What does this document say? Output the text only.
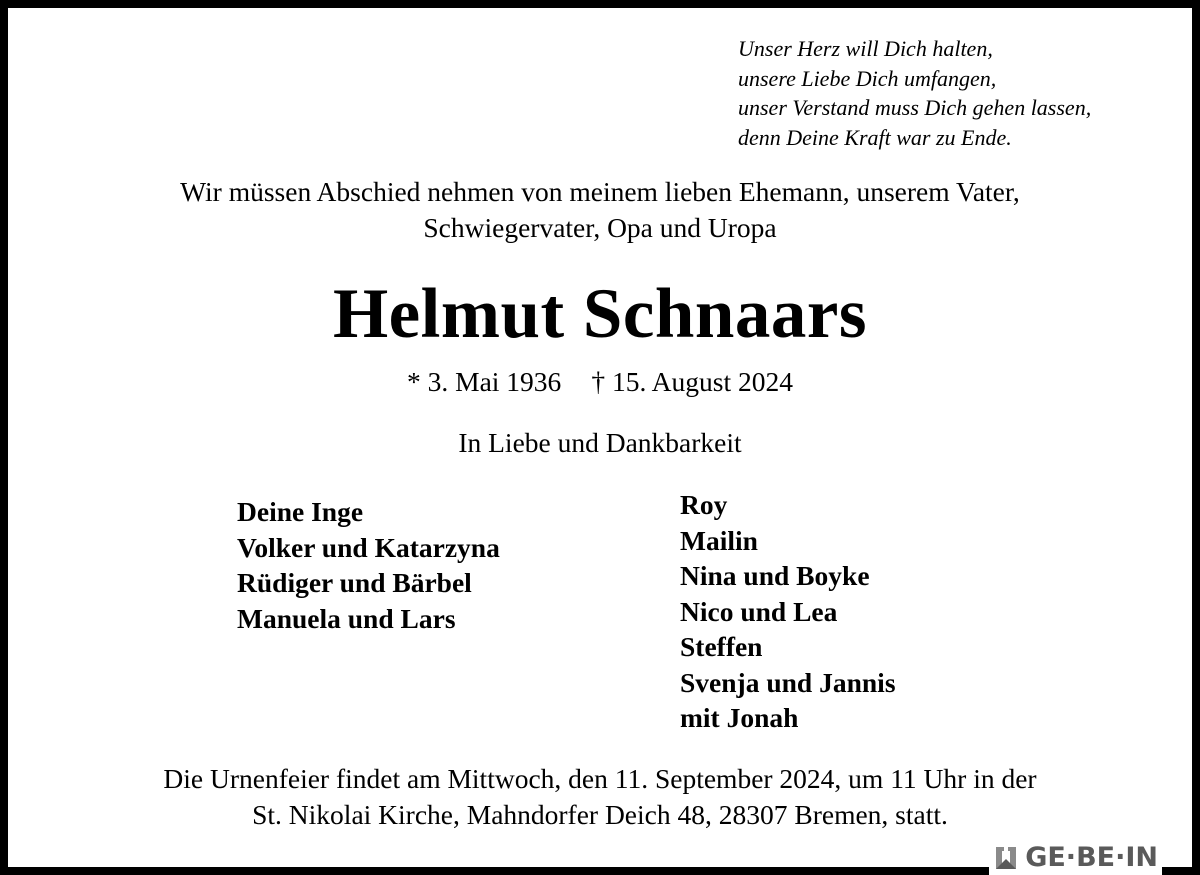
Unser Herz will Dich halten,
unsere Liebe Dich umfangen,
unser Verstand muss Dich gehen lassen,
denn Deine Kraft war zu Ende.
Wir müssen Abschied nehmen von meinem lieben Ehemann, unserem Vater,
Schwiegervater, Opa und Uropa
Helmut Schnaars
* 3. Mai 1936 † 15. August 2024
In Liebe und Dankbarkeit
Deine Inge
Volker und Katarzyna
Rüdiger und Bärbel
Manuela und Lars
Roy
Mailin
Nina und Boyke
Nico und Lea
Steffen
Svenja und Jannis
mit Jonah
Die Urnenfeier findet am Mittwoch, den 11. September 2024, um 11 Uhr in der
St. Nikolai Kirche, Mahndorfer Deich 48, 28307 Bremen, statt.
GE·BE·IN
